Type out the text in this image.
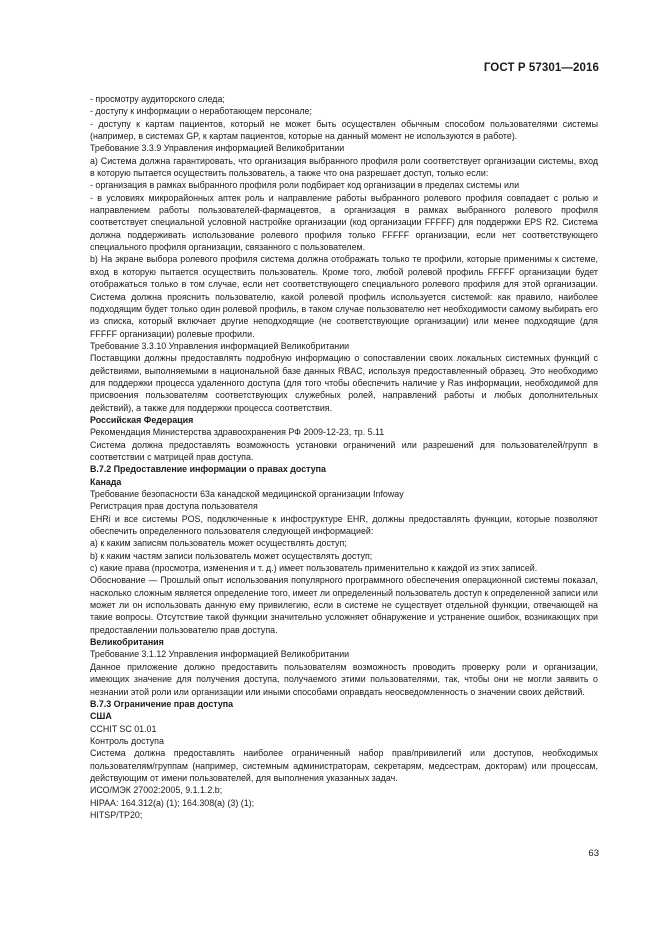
ГОСТ Р 57301—2016

- просмотру аудиторского следа;

- доступу к информации о неработающем персонале;

- доступу к картам пациентов, который не может быть осуществлен обычным способом пользователями системы (например, в системах GP, к картам пациентов, которые на данный момент не используются в работе).

Требование 3.3.9 Управления информацией Великобритании

a) Система должна гарантировать, что организация выбранного профиля роли соответствует организации системы, вход в которую пытается осуществить пользователь, а также что она разрешает доступ, только если:

- организация в рамках выбранного профиля роли подбирает код организации в пределах системы или

- в условиях микрорайонных аптек роль и направление работы выбранного ролевого профиля совпадает с ролью и направлением работы пользователей-фармацевтов, а организация в рамках выбранного ролевого профиля соответствует специальной условной настройке организации (код организации FFFFF) для поддержки EPS R2. Система должна поддерживать использование ролевого профиля только FFFFF организации, если нет соответствующего специального профиля организации, связанного с пользователем.

b) На экране выбора ролевого профиля система должна отображать только те профили, которые применимы к системе, вход в которую пытается осуществить пользователь. Кроме того, любой ролевой профиль FFFFF организации будет отображаться только в том случае, если нет соответствующего специального ролевого профиля для этой организации. Система должна прояснить пользователю, какой ролевой профиль используется системой: как правило, наиболее подходящим будет только один ролевой профиль, в таком случае пользователю нет необходимости самому выбирать его из списка, который включает другие неподходящие (не соответствующие организации) или менее подходящие (для FFFFF организации) ролевые профили.

Требование 3.3.10 Управления информацией Великобритании

Поставщики должны предоставлять подробную информацию о сопоставлении своих локальных системных функций с действиями, выполняемыми в национальной базе данных RBAC, используя предоставленный образец. Это необходимо для поддержки процесса удаленного доступа (для того чтобы обеспечить наличие у Ras информации, необходимой для присвоения пользователям соответствующих служебных ролей, направлений работы и любых дополнительных действий), а также для поддержки процесса соответствия.

Российская Федерация

Рекомендация Министерства здравоохранения РФ 2009-12-23, тр. 5.11

Система должна предоставлять возможность установки ограничений или разрешений для пользователей/групп в соответствии с матрицей прав доступа.

В.7.2 Предоставление информации о правах доступа

Канада

Требование безопасности 63а канадской медицинской организации Infoway

Регистрация прав доступа пользователя

EHRi и все системы POS, подключенные к инфоструктуре EHR, должны предоставлять функции, которые позволяют обеспечить определенного пользователя следующей информацией:

a) к каким записям пользователь может осуществлять доступ;

b) к каким частям записи пользователь может осуществлять доступ;

c) какие права (просмотра, изменения и т. д.) имеет пользователь применительно к каждой из этих записей.

Обоснование — Прошлый опыт использования популярного программного обеспечения операционной системы показал, насколько сложным является определение того, имеет ли определенный пользователь доступ к определенной записи или может ли он использовать данную ему привилегию, если в системе не существует отдельной функции, отвечающей на такие вопросы. Отсутствие такой функции значительно усложняет обнаружение и устранение ошибок, возникающих при предоставлении пользователю прав доступа.

Великобритания

Требование 3.1.12 Управления информацией Великобритании

Данное приложение должно предоставить пользователям возможность проводить проверку роли и организации, имеющих значение для получения доступа, получаемого этими пользователями, так, чтобы они не могли заявить о незнании этой роли или организации или иными способами оправдать неосведомленность о значении своих действий.

В.7.3 Ограничение прав доступа

США

CCHIT SC 01.01

Контроль доступа

Система должна предоставлять наиболее ограниченный набор прав/привилегий или доступов, необходимых пользователям/группам (например, системным администраторам, секретарям, медсестрам, докторам) или процессам, действующим от имени пользователей, для выполнения указанных задач.

ИСО/МЭК 27002:2005, 9.1.1.2.b;

HIPAA: 164.312(a) (1); 164.308(a) (3) (1);

HITSP/TP20;

63
